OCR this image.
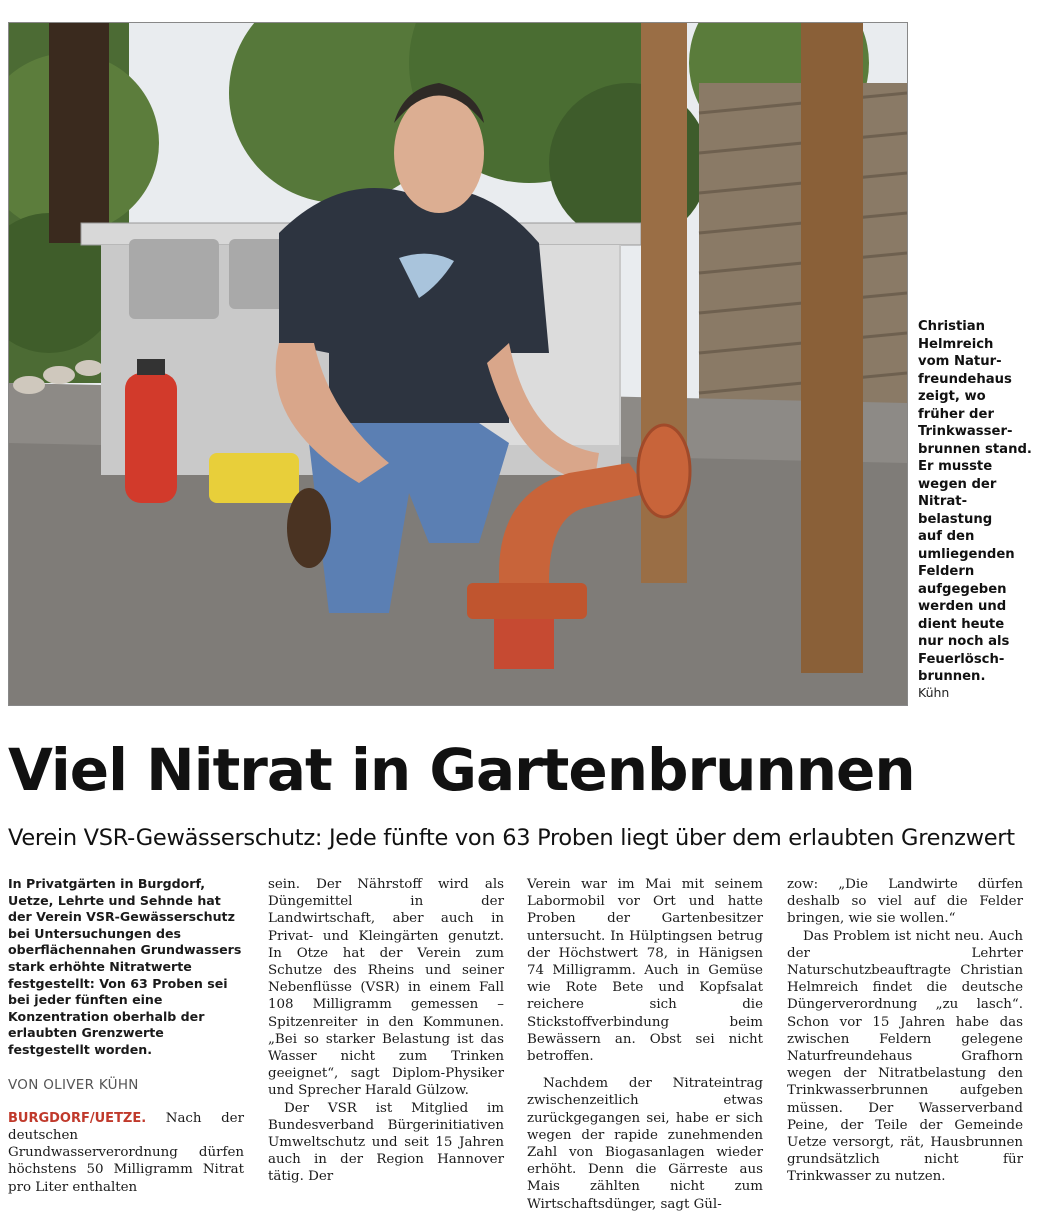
Christian
Helmreich
vom Natur-
freundehaus
zeigt, wo
früher der
Trinkwasser-
brunnen stand.
Er musste
wegen der
Nitrat-
belastung
auf den
umliegenden
Feldern
aufgegeben
werden und
dient heute
nur noch als
Feuerlösch-
brunnen.
Kühn
Viel Nitrat in Gartenbrunnen
Verein VSR-Gewässerschutz: Jede fünfte von 63 Proben liegt über dem erlaubten Grenzwert

In Privatgärten in Burgdorf, Uetze, Lehrte und Sehnde hat der Verein VSR-Gewässerschutz bei Untersuchungen des oberflächennahen Grundwassers stark erhöhte Nitratwerte festgestellt: Von 63 Proben sei bei jeder fünften eine Konzentration oberhalb der erlaubten Grenzwerte festgestellt worden.

VON OLIVER KÜHN

BURGDORF/UETZE. Nach der deutschen Grundwasserverordnung dürfen höchstens 50 Milligramm Nitrat pro Liter enthalten

sein. Der Nährstoff wird als Düngemittel in der Landwirtschaft, aber auch in Privat- und Kleingärten genutzt. In Otze hat der Verein zum Schutze des Rheins und seiner Nebenflüsse (VSR) in einem Fall 108 Milligramm gemessen – Spitzenreiter in den Kommunen. „Bei so starker Belastung ist das Wasser nicht zum Trinken geeignet“, sagt Diplom-Physiker und Sprecher Harald Gülzow.

Der VSR ist Mitglied im Bundesverband Bürgerinitiativen Umweltschutz und seit 15 Jahren auch in der Region Hannover tätig. Der

Verein war im Mai mit seinem Labormobil vor Ort und hatte Proben der Gartenbesitzer untersucht. In Hülptingsen betrug der Höchstwert 78, in Hänigsen 74 Milligramm. Auch in Gemüse wie Rote Bete und Kopfsalat reichere sich die Stickstoffverbindung beim Bewässern an. Obst sei nicht betroffen.

Nachdem der Nitrateintrag zwischenzeitlich etwas zurückgegangen sei, habe er sich wegen der rapide zunehmenden Zahl von Biogasanlagen wieder erhöht. Denn die Gärreste aus Mais zählten nicht zum Wirtschaftsdünger, sagt Gül-

zow: „Die Landwirte dürfen deshalb so viel auf die Felder bringen, wie sie wollen.“

Das Problem ist nicht neu. Auch der Lehrter Naturschutzbeauftragte Christian Helmreich findet die deutsche Düngerverordnung „zu lasch“. Schon vor 15 Jahren habe das zwischen Feldern gelegene Naturfreundehaus Grafhorn wegen der Nitratbelastung den Trinkwasserbrunnen aufgeben müssen. Der Wasserverband Peine, der Teile der Gemeinde Uetze versorgt, rät, Hausbrunnen grundsätzlich nicht für Trinkwasser zu nutzen.
